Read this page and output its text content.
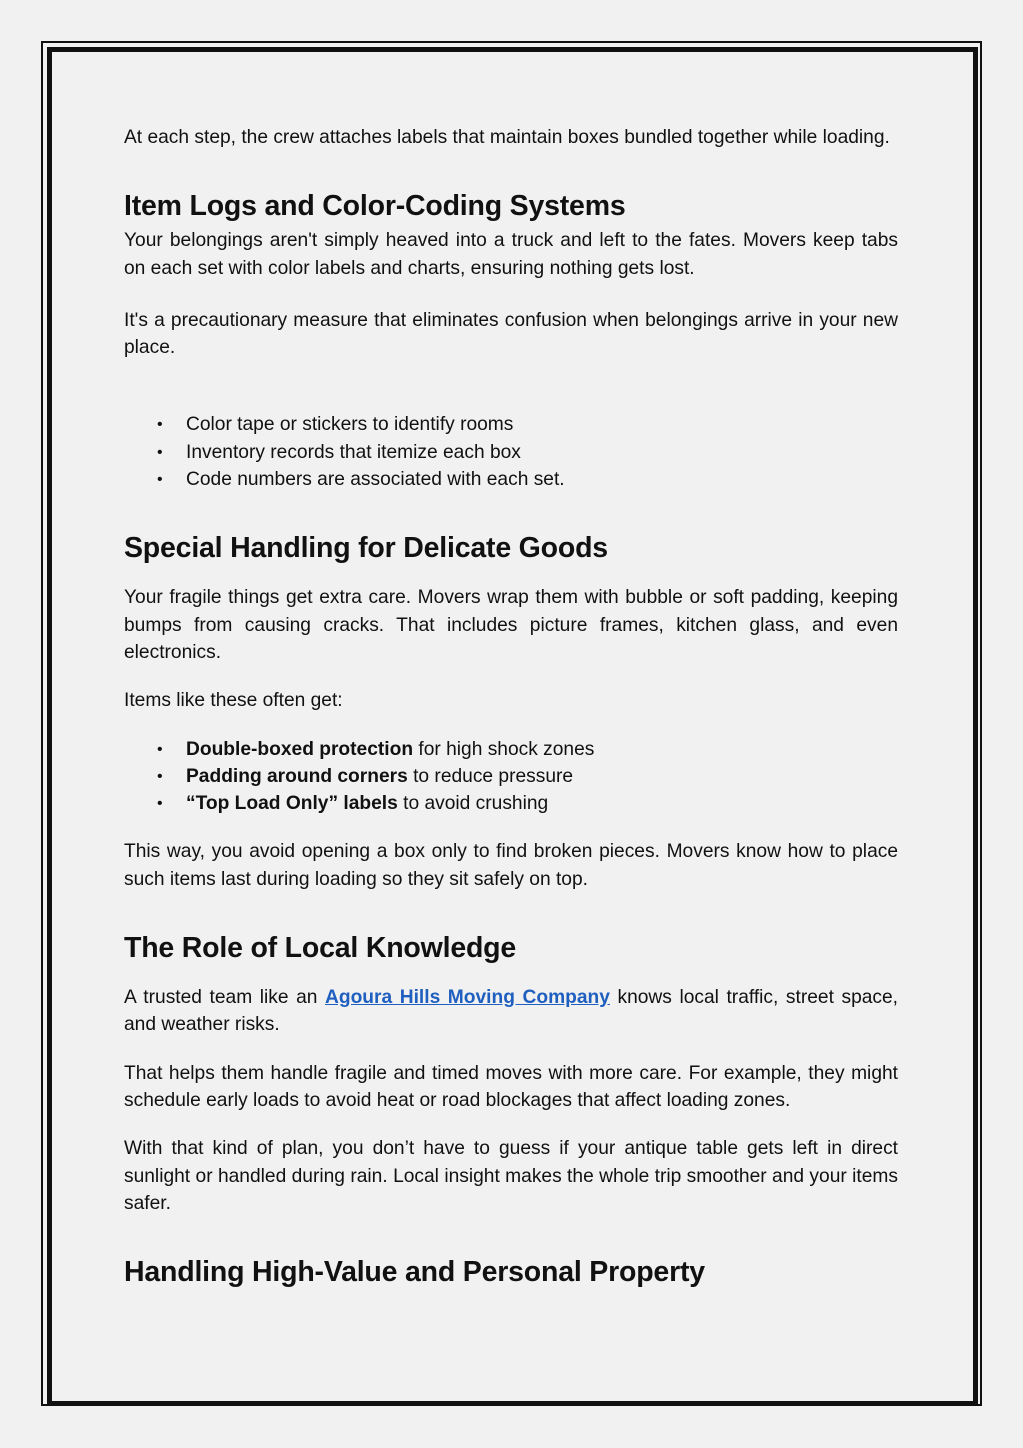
At each step, the crew attaches labels that maintain boxes bundled together while loading.

Item Logs and Color-Coding Systems

Your belongings aren't simply heaved into a truck and left to the fates. Movers keep tabs on each set with color labels and charts, ensuring nothing gets lost.

It's a precautionary measure that eliminates confusion when belongings arrive in your new place.

• Color tape or stickers to identify rooms
• Inventory records that itemize each box
• Code numbers are associated with each set.
Special Handling for Delicate Goods

Your fragile things get extra care. Movers wrap them with bubble or soft padding, keeping bumps from causing cracks. That includes picture frames, kitchen glass, and even electronics.

Items like these often get:

• Double-boxed protection for high shock zones
• Padding around corners to reduce pressure
• “Top Load Only” labels to avoid crushing

This way, you avoid opening a box only to find broken pieces. Movers know how to place such items last during loading so they sit safely on top.

The Role of Local Knowledge

A trusted team like an Agoura Hills Moving Company knows local traffic, street space, and weather risks.

That helps them handle fragile and timed moves with more care. For example, they might schedule early loads to avoid heat or road blockages that affect loading zones.

With that kind of plan, you don’t have to guess if your antique table gets left in direct sunlight or handled during rain. Local insight makes the whole trip smoother and your items safer.

Handling High-Value and Personal Property
